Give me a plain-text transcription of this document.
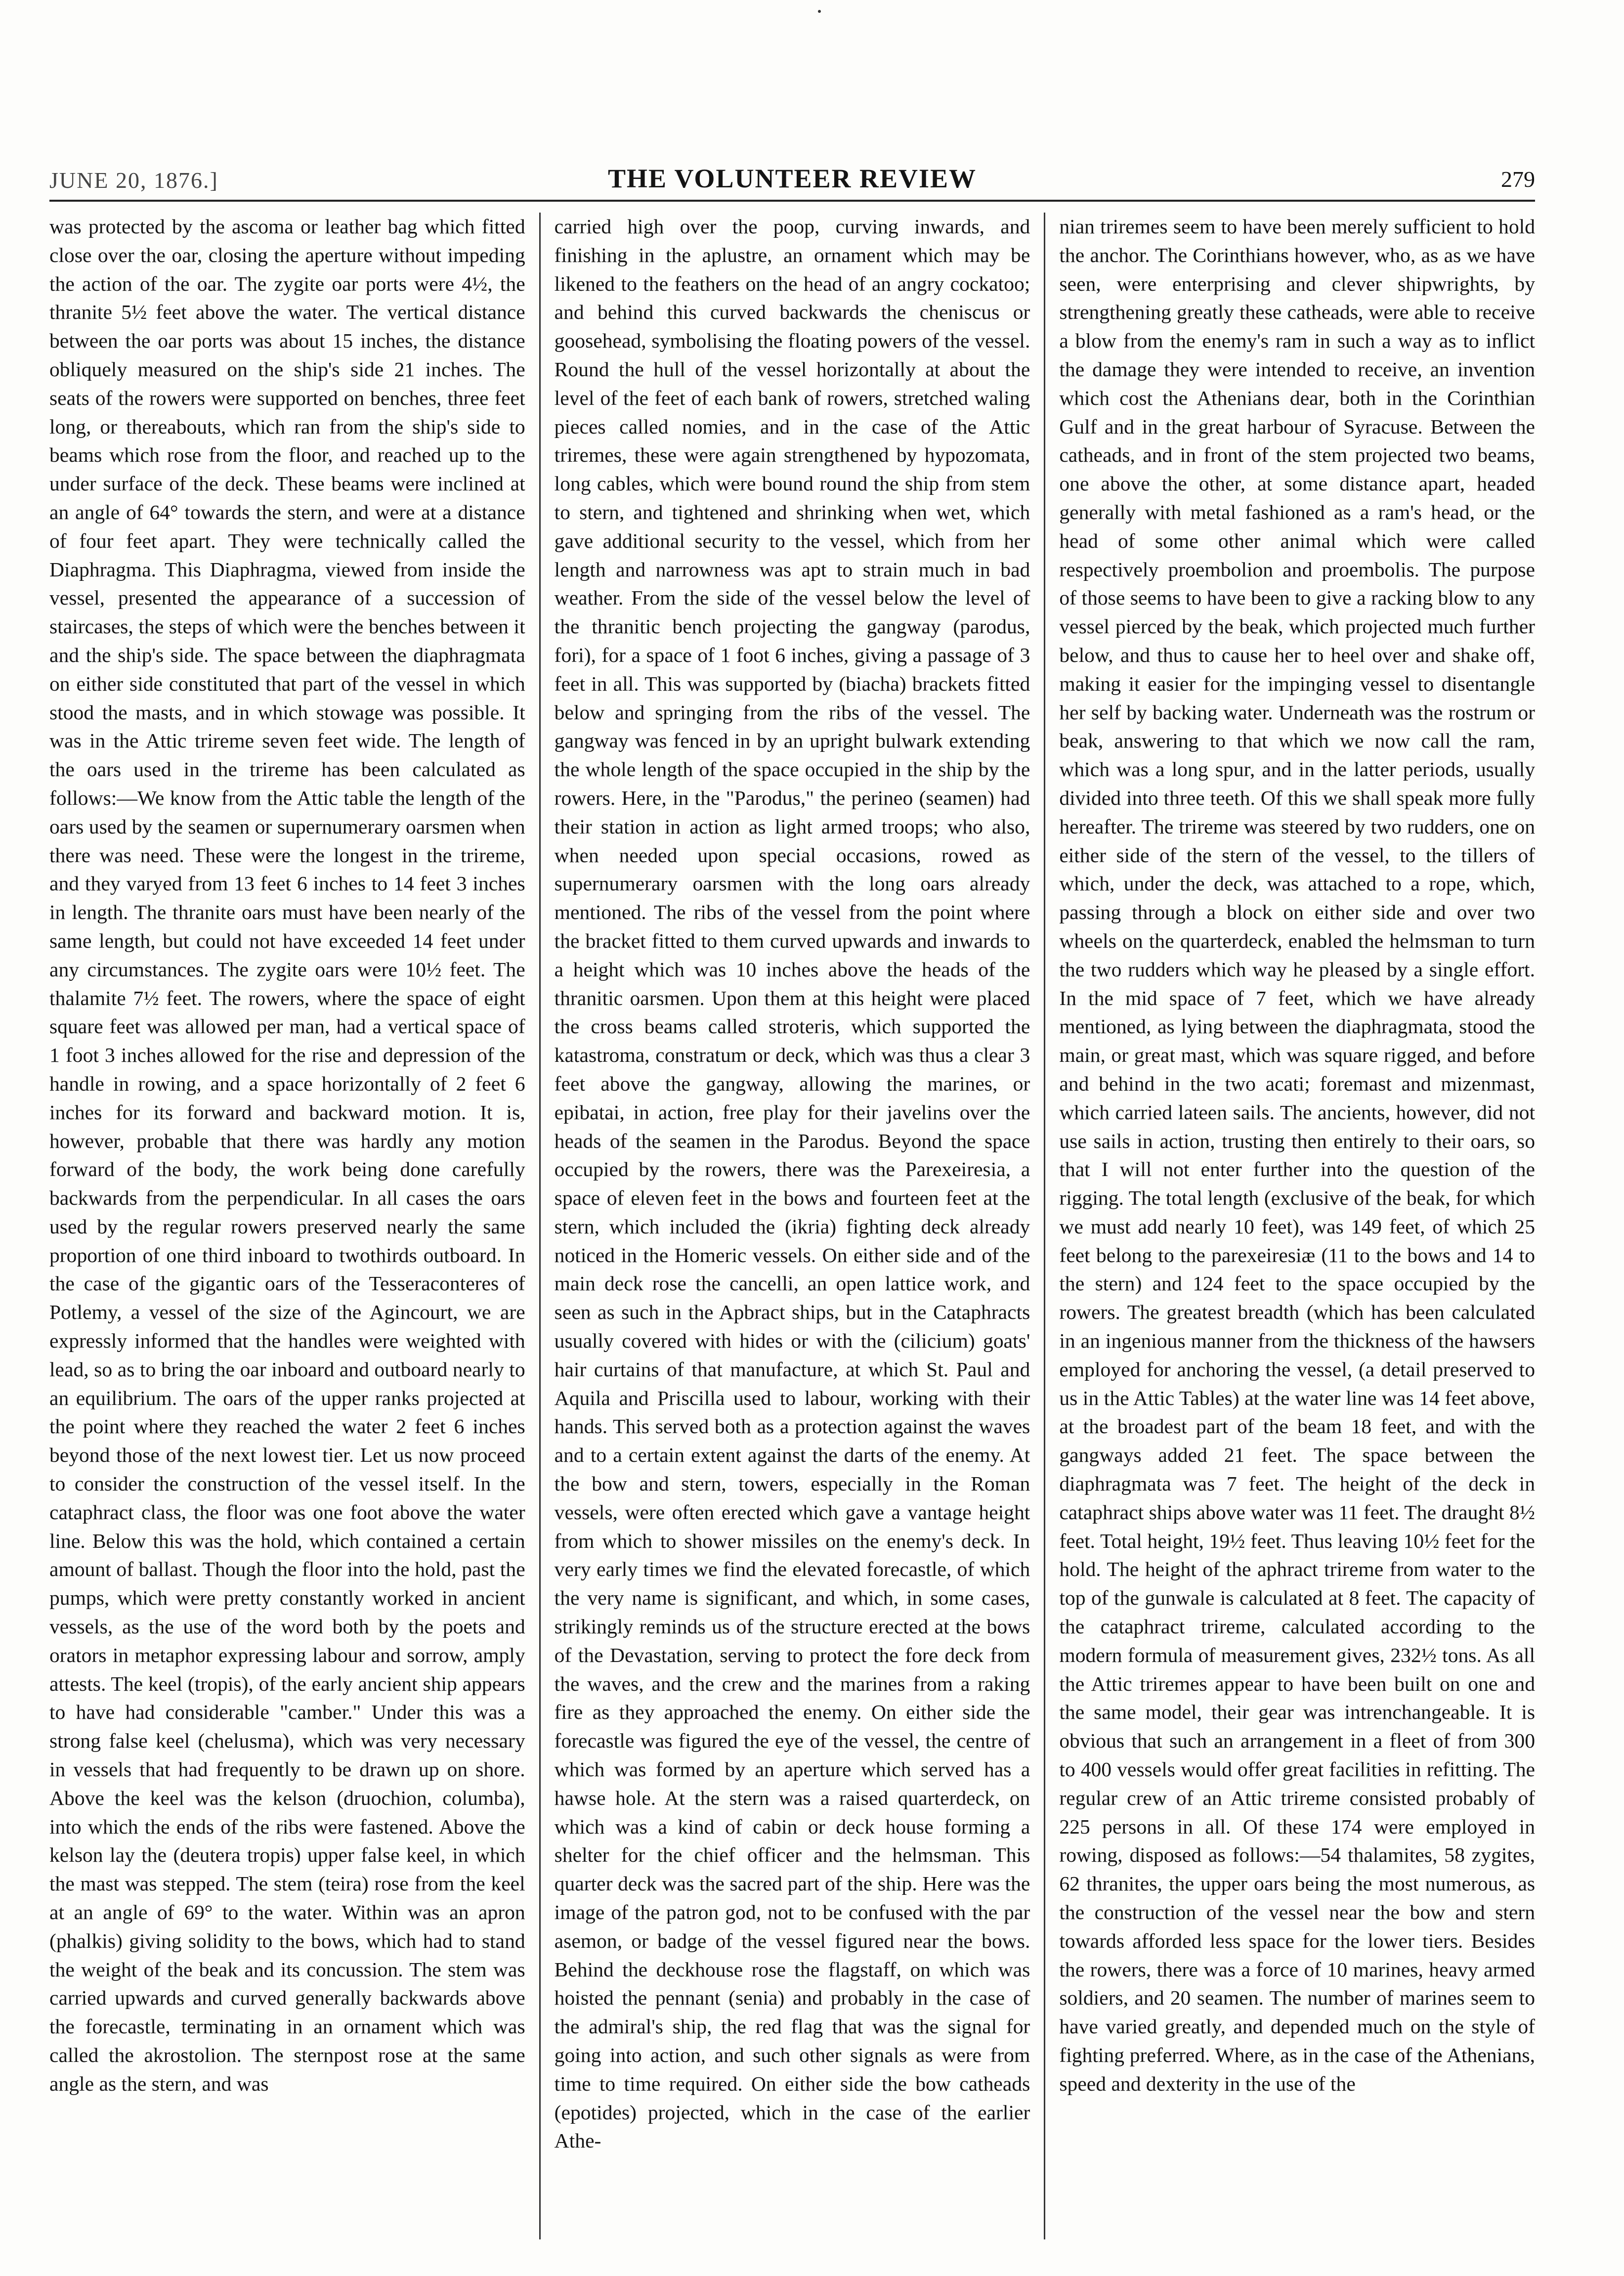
JUNE 20, 1876.]	THE VOLUNTEER REVIEW	279

was protected by the ascoma or leather bag which fitted close over the oar, closing the aperture without impeding the action of the oar. The zygite oar ports were 4½, the thranite 5½ feet above the water. The vertical distance between the oar ports was about 15 inches, the distance obliquely measured on the ship's side 21 inches. The seats of the rowers were supported on benches, three feet long, or thereabouts, which ran from the ship's side to beams which rose from the floor, and reached up to the under surface of the deck. These beams were inclined at an angle of 64° towards the stern, and were at a distance of four feet apart. They were technically called the Diaphragma. This Diaphragma, viewed from inside the vessel, presented the appearance of a succession of staircases, the steps of which were the benches between it and the ship's side. The space between the diaphragmata on either side constituted that part of the vessel in which stood the masts, and in which stowage was possible. It was in the Attic trireme seven feet wide. The length of the oars used in the trireme has been calculated as follows:—We know from the Attic table the length of the oars used by the seamen or supernumerary oarsmen when there was need. These were the longest in the trireme, and they varyed from 13 feet 6 inches to 14 feet 3 inches in length. The thranite oars must have been nearly of the same length, but could not have exceeded 14 feet under any circumstances. The zygite oars were 10½ feet. The thalamite 7½ feet. The rowers, where the space of eight square feet was allowed per man, had a vertical space of 1 foot 3 inches allowed for the rise and depression of the handle in rowing, and a space horizontally of 2 feet 6 inches for its forward and backward motion. It is, however, probable that there was hardly any motion forward of the body, the work being done carefully backwards from the perpendicular. In all cases the oars used by the regular rowers preserved nearly the same proportion of one third inboard to twothirds outboard. In the case of the gigantic oars of the Tesseraconteres of Potlemy, a vessel of the size of the Agincourt, we are expressly informed that the handles were weighted with lead, so as to bring the oar inboard and outboard nearly to an equilibrium. The oars of the upper ranks projected at the point where they reached the water 2 feet 6 inches beyond those of the next lowest tier. Let us now proceed to consider the construction of the vessel itself. In the cataphract class, the floor was one foot above the water line. Below this was the hold, which contained a certain amount of ballast. Though the floor into the hold, past the pumps, which were pretty constantly worked in ancient vessels, as the use of the word both by the poets and orators in metaphor expressing labour and sorrow, amply attests. The keel (tropis), of the early ancient ship appears to have had considerable "camber." Under this was a strong false keel (chelusma), which was very necessary in vessels that had frequently to be drawn up on shore. Above the keel was the kelson (druochion, columba), into which the ends of the ribs were fastened. Above the kelson lay the (deutera tropis) upper false keel, in which the mast was stepped. The stem (teira) rose from the keel at an angle of 69° to the water. Within was an apron (phalkis) giving solidity to the bows, which had to stand the weight of the beak and its concussion. The stem was carried upwards and curved generally backwards above the forecastle, terminating in an ornament which was called the akrostolion. The sternpost rose at the same angle as the stern, and was

carried high over the poop, curving inwards, and finishing in the aplustre, an ornament which may be likened to the feathers on the head of an angry cockatoo; and behind this curved backwards the cheniscus or goosehead, symbolising the floating powers of the vessel. Round the hull of the vessel horizontally at about the level of the feet of each bank of rowers, stretched waling pieces called nomies, and in the case of the Attic triremes, these were again strengthened by hypozomata, long cables, which were bound round the ship from stem to stern, and tightened and shrinking when wet, which gave additional security to the vessel, which from her length and narrowness was apt to strain much in bad weather. From the side of the vessel below the level of the thranitic bench projecting the gangway (parodus, fori), for a space of 1 foot 6 inches, giving a passage of 3 feet in all. This was supported by (biacha) brackets fitted below and springing from the ribs of the vessel. The gangway was fenced in by an upright bulwark extending the whole length of the space occupied in the ship by the rowers. Here, in the "Parodus," the perineo (seamen) had their station in action as light armed troops; who also, when needed upon special occasions, rowed as supernumerary oarsmen with the long oars already mentioned. The ribs of the vessel from the point where the bracket fitted to them curved upwards and inwards to a height which was 10 inches above the heads of the thranitic oarsmen. Upon them at this height were placed the cross beams called stroteris, which supported the katastroma, constratum or deck, which was thus a clear 3 feet above the gangway, allowing the marines, or epibatai, in action, free play for their javelins over the heads of the seamen in the Parodus. Beyond the space occupied by the rowers, there was the Parexeiresia, a space of eleven feet in the bows and fourteen feet at the stern, which included the (ikria) fighting deck already noticed in the Homeric vessels. On either side and of the main deck rose the cancelli, an open lattice work, and seen as such in the Apbract ships, but in the Cataphracts usually covered with hides or with the (cilicium) goats' hair curtains of that manufacture, at which St. Paul and Aquila and Priscilla used to labour, working with their hands. This served both as a protection against the waves and to a certain extent against the darts of the enemy. At the bow and stern, towers, especially in the Roman vessels, were often erected which gave a vantage height from which to shower missiles on the enemy's deck. In very early times we find the elevated forecastle, of which the very name is significant, and which, in some cases, strikingly reminds us of the structure erected at the bows of the Devastation, serving to protect the fore deck from the waves, and the crew and the marines from a raking fire as they approached the enemy. On either side the forecastle was figured the eye of the vessel, the centre of which was formed by an aperture which served has a hawse hole. At the stern was a raised quarterdeck, on which was a kind of cabin or deck house forming a shelter for the chief officer and the helmsman. This quarter deck was the sacred part of the ship. Here was the image of the patron god, not to be confused with the par asemon, or badge of the vessel figured near the bows. Behind the deckhouse rose the flagstaff, on which was hoisted the pennant (senia) and probably in the case of the admiral's ship, the red flag that was the signal for going into action, and such other signals as were from time to time required. On either side the bow catheads (epotides) projected, which in the case of the earlier Athe-

nian triremes seem to have been merely sufficient to hold the anchor. The Corinthians however, who, as as we have seen, were enterprising and clever shipwrights, by strengthening greatly these catheads, were able to receive a blow from the enemy's ram in such a way as to inflict the damage they were intended to receive, an invention which cost the Athenians dear, both in the Corinthian Gulf and in the great harbour of Syracuse. Between the catheads, and in front of the stem projected two beams, one above the other, at some distance apart, headed generally with metal fashioned as a ram's head, or the head of some other animal which were called respectively proembolion and proembolis. The purpose of those seems to have been to give a racking blow to any vessel pierced by the beak, which projected much further below, and thus to cause her to heel over and shake off, making it easier for the impinging vessel to disentangle her self by backing water. Underneath was the rostrum or beak, answering to that which we now call the ram, which was a long spur, and in the latter periods, usually divided into three teeth. Of this we shall speak more fully hereafter. The trireme was steered by two rudders, one on either side of the stern of the vessel, to the tillers of which, under the deck, was attached to a rope, which, passing through a block on either side and over two wheels on the quarterdeck, enabled the helmsman to turn the two rudders which way he pleased by a single effort. In the mid space of 7 feet, which we have already mentioned, as lying between the diaphragmata, stood the main, or great mast, which was square rigged, and before and behind in the two acati; foremast and mizenmast, which carried lateen sails. The ancients, however, did not use sails in action, trusting then entirely to their oars, so that I will not enter further into the question of the rigging. The total length (exclusive of the beak, for which we must add nearly 10 feet), was 149 feet, of which 25 feet belong to the parexeiresiæ (11 to the bows and 14 to the stern) and 124 feet to the space occupied by the rowers. The greatest breadth (which has been calculated in an ingenious manner from the thickness of the hawsers employed for anchoring the vessel, (a detail preserved to us in the Attic Tables) at the water line was 14 feet above, at the broadest part of the beam 18 feet, and with the gangways added 21 feet. The space between the diaphragmata was 7 feet. The height of the deck in cataphract ships above water was 11 feet. The draught 8½ feet. Total height, 19½ feet. Thus leaving 10½ feet for the hold. The height of the aphract trireme from water to the top of the gunwale is calculated at 8 feet. The capacity of the cataphract trireme, calculated according to the modern formula of measurement gives, 232½ tons. As all the Attic triremes appear to have been built on one and the same model, their gear was intrenchangeable. It is obvious that such an arrangement in a fleet of from 300 to 400 vessels would offer great facilities in refitting. The regular crew of an Attic trireme consisted probably of 225 persons in all. Of these 174 were employed in rowing, disposed as follows:—54 thalamites, 58 zygites, 62 thranites, the upper oars being the most numerous, as the construction of the vessel near the bow and stern towards afforded less space for the lower tiers. Besides the rowers, there was a force of 10 marines, heavy armed soldiers, and 20 seamen. The number of marines seem to have varied greatly, and depended much on the style of fighting preferred. Where, as in the case of the Athenians, speed and dexterity in the use of the
